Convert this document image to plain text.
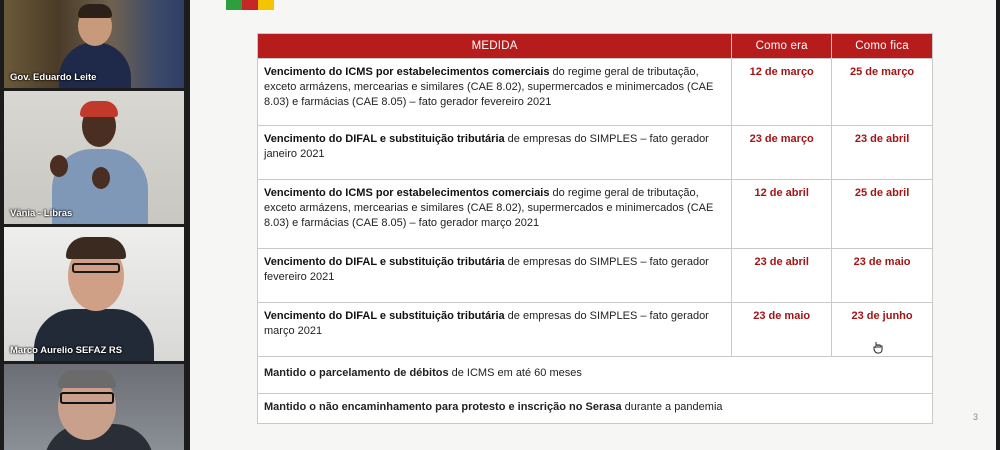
Gov. Eduardo Leite
Vânia - Libras
Marco Aurelio SEFAZ RS
MEDIDA	Como era	Como fica
Vencimento do ICMS por estabelecimentos comerciais do regime geral de tributação, exceto armázens, mercearias e similares (CAE 8.02), supermercados e minimercados (CAE 8.03) e farmácias (CAE 8.05) – fato gerador fevereiro 2021	12 de março	25 de março
Vencimento do DIFAL e substituição tributária de empresas do SIMPLES – fato gerador janeiro 2021	23 de março	23 de abril
Vencimento do ICMS por estabelecimentos comerciais do regime geral de tributação, exceto armázens, mercearias e similares (CAE 8.02), supermercados e minimercados (CAE 8.03) e farmácias (CAE 8.05) – fato gerador março 2021	12 de abril	25 de abril
Vencimento do DIFAL e substituição tributária de empresas do SIMPLES – fato gerador fevereiro 2021	23 de abril	23 de maio
Vencimento do DIFAL e substituição tributária de empresas do SIMPLES – fato gerador março 2021	23 de maio	23 de junho
Mantido o parcelamento de débitos de ICMS em até 60 meses		
Mantido o não encaminhamento para protesto e inscrição no Serasa durante a pandemia		
3
